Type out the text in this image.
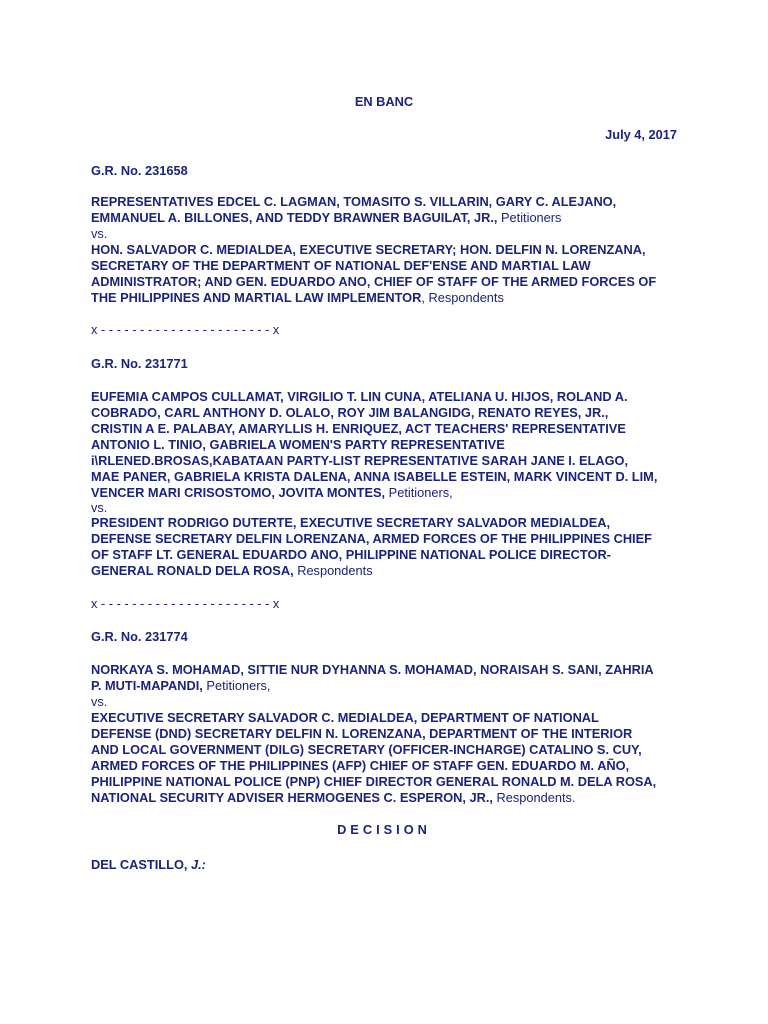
EN BANC
July 4, 2017
G.R. No. 231658
REPRESENTATIVES EDCEL C. LAGMAN, TOMASITO S. VILLARIN, GARY C. ALEJANO,
EMMANUEL A. BILLONES, AND TEDDY BRAWNER BAGUILAT, JR., Petitioners
vs.
HON. SALVADOR C. MEDIALDEA, EXECUTIVE SECRETARY; HON. DELFIN N. LORENZANA,
SECRETARY OF THE DEPARTMENT OF NATIONAL DEF'ENSE AND MARTIAL LAW
ADMINISTRATOR; AND GEN. EDUARDO ANO, CHIEF OF STAFF OF THE ARMED FORCES OF
THE PHILIPPINES AND MARTIAL LAW IMPLEMENTOR, Respondents
x - - - - - - - - - - - - - - - - - - - - - - x
G.R. No. 231771
EUFEMIA CAMPOS CULLAMAT, VIRGILIO T. LIN CUNA, ATELIANA U. HIJOS, ROLAND A.
COBRADO, CARL ANTHONY D. OLALO, ROY JIM BALANGIDG, RENATO REYES, JR.,
CRISTIN A E. PALABAY, AMARYLLIS H. ENRIQUEZ, ACT TEACHERS' REPRESENTATIVE
ANTONIO L. TINIO, GABRIELA WOMEN'S PARTY REPRESENTATIVE
i\RLENED.BROSAS,KABATAAN PARTY-LIST REPRESENTATIVE SARAH JANE I. ELAGO,
MAE PANER, GABRIELA KRISTA DALENA, ANNA ISABELLE ESTEIN, MARK VINCENT D. LIM,
VENCER MARI CRISOSTOMO, JOVITA MONTES, Petitioners,
vs.
PRESIDENT RODRIGO DUTERTE, EXECUTIVE SECRETARY SALVADOR MEDIALDEA,
DEFENSE SECRETARY DELFIN LORENZANA, ARMED FORCES OF THE PHILIPPINES CHIEF
OF STAFF LT. GENERAL EDUARDO ANO, PHILIPPINE NATIONAL POLICE DIRECTOR-
GENERAL RONALD DELA ROSA, Respondents
x - - - - - - - - - - - - - - - - - - - - - - x
G.R. No. 231774
NORKAYA S. MOHAMAD, SITTIE NUR DYHANNA S. MOHAMAD, NORAISAH S. SANI, ZAHRIA
P. MUTI-MAPANDI, Petitioners,
vs.
EXECUTIVE SECRETARY SALVADOR C. MEDIALDEA, DEPARTMENT OF NATIONAL
DEFENSE (DND) SECRETARY DELFIN N. LORENZANA, DEPARTMENT OF THE INTERIOR
AND LOCAL GOVERNMENT (DILG) SECRETARY (OFFICER-INCHARGE) CATALINO S. CUY,
ARMED FORCES OF THE PHILIPPINES (AFP) CHIEF OF STAFF GEN. EDUARDO M. AÑO,
PHILIPPINE NATIONAL POLICE (PNP) CHIEF DIRECTOR GENERAL RONALD M. DELA ROSA,
NATIONAL SECURITY ADVISER HERMOGENES C. ESPERON, JR., Respondents.
DECISION
DEL CASTILLO, J.:
